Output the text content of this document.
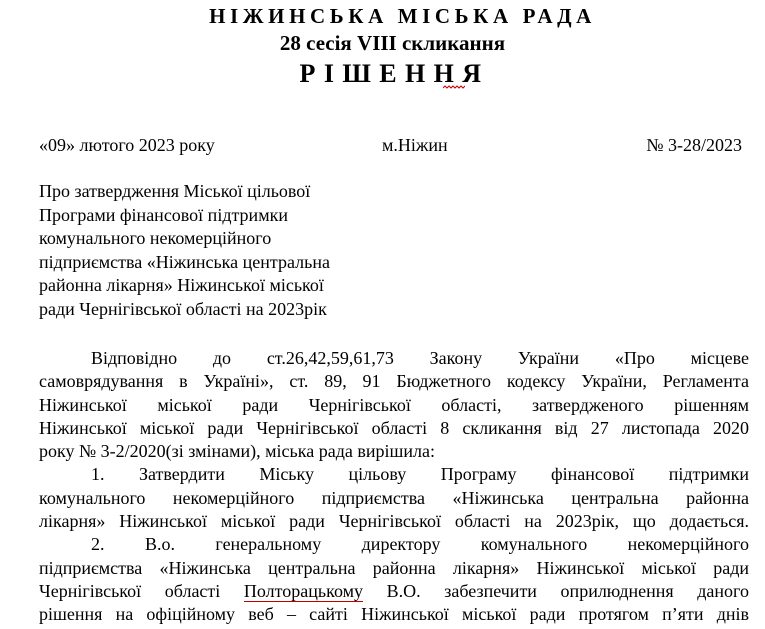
НІЖИНСЬКА МІСЬКА РАДА
28 сесія VIII скликання
РІШЕННЯ
«09» лютого 2023 року	м.Ніжин	№ 3-28/2023
Про затвердження Міської цільової
Програми фінансової підтримки
комунального некомерційного
підприємства «Ніжинська центральна
районна лікарня» Ніжинської міської
ради Чернігівської області на 2023рік
Відповідно до ст.26,42,59,61,73 Закону України «Про місцеве
самоврядування в Україні», ст. 89, 91 Бюджетного кодексу України, Регламента
Ніжинської міської ради Чернігівської області, затвердженого рішенням
Ніжинської міської ради Чернігівської області 8 скликання від 27 листопада 2020
року № 3-2/2020(зі змінами), міська рада вирішила:
1. Затвердити Міську цільову Програму фінансової підтримки
комунального некомерційного підприємства «Ніжинська центральна районна
лікарня» Ніжинської міської ради Чернігівської області на 2023рік, що додається.
2. В.о. генеральному директору комунального некомерційного
підприємства «Ніжинська центральна районна лікарня» Ніжинської міської ради
Чернігівської області Полторацькому В.О. забезпечити оприлюднення даного
рішення на офіційному веб – сайті Ніжинської міської ради протягом п’яти днів
